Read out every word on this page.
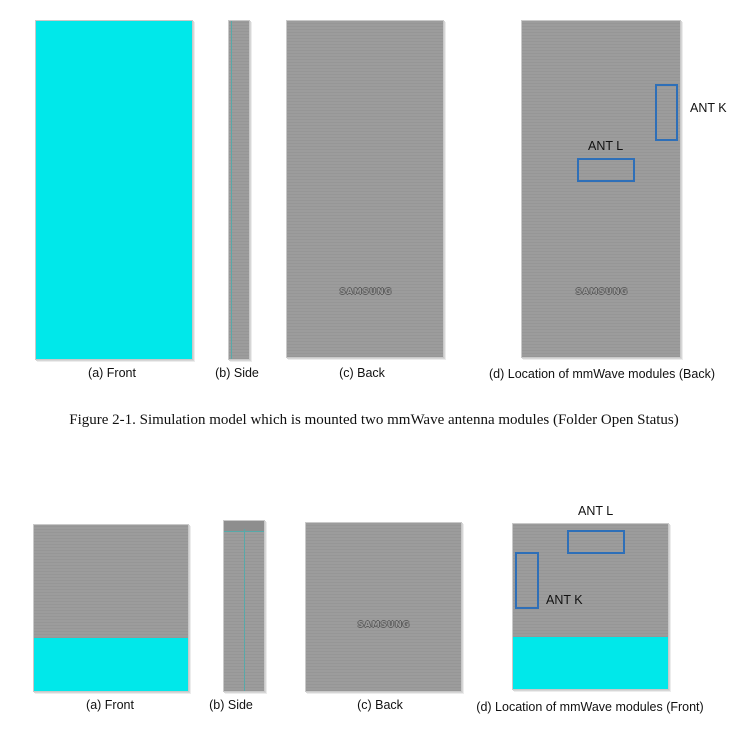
SAMSUNG	SAMSUNG
ANT K
ANT L
(a) Front	(b) Side	(c) Back	(d) Location of mmWave modules (Back)
Figure 2-1. Simulation model which is mounted two mmWave antenna modules (Folder Open Status)
SAMSUNG
ANT L
ANT K
(a) Front	(b) Side	(c) Back	(d) Location of mmWave modules (Front)
